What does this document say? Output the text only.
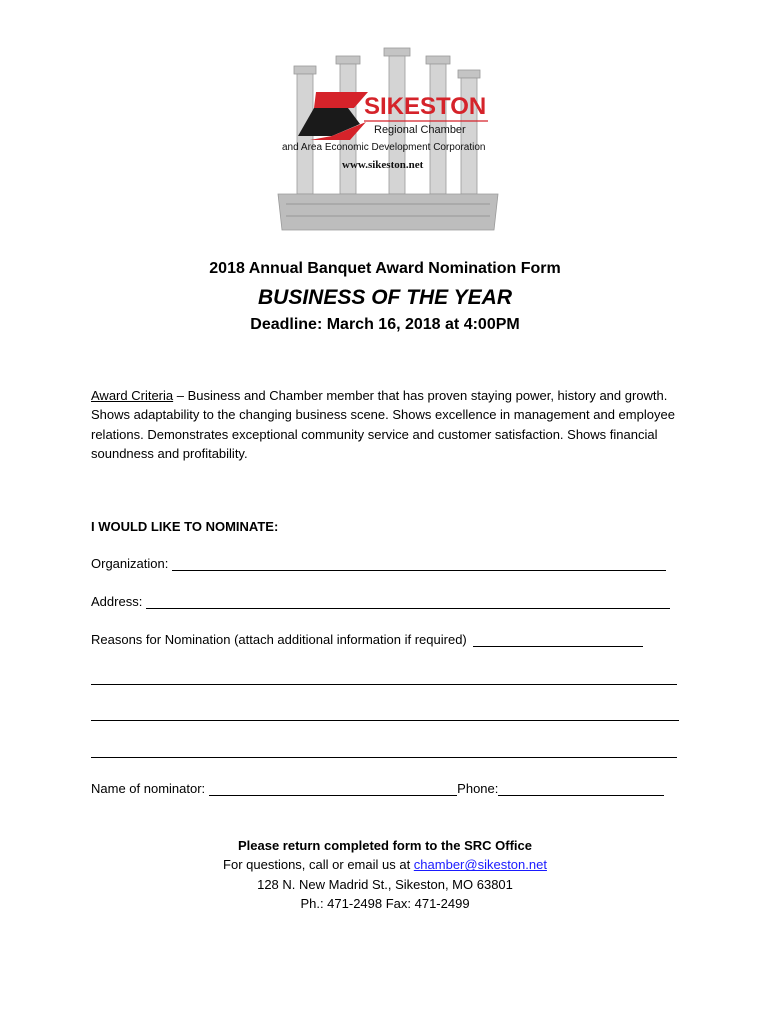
SIKESTON
Regional Chamber
and Area Economic Development Corporation
www.sikeston.net
2018 Annual Banquet Award Nomination Form
BUSINESS OF THE YEAR
Deadline: March 16, 2018 at 4:00PM
Award Criteria – Business and Chamber member that has proven staying power, history and growth. Shows adaptability to the changing business scene. Shows excellence in management and employee relations. Demonstrates exceptional community service and customer satisfaction. Shows financial soundness and profitability.
I WOULD LIKE TO NOMINATE:
Organization:
Address:
Reasons for Nomination (attach additional information if required)
Name of nominator:	Phone:
Please return completed form to the SRC Office
For questions, call or email us at chamber@sikeston.net
128 N. New Madrid St., Sikeston, MO 63801
Ph.: 471-2498 Fax: 471-2499
